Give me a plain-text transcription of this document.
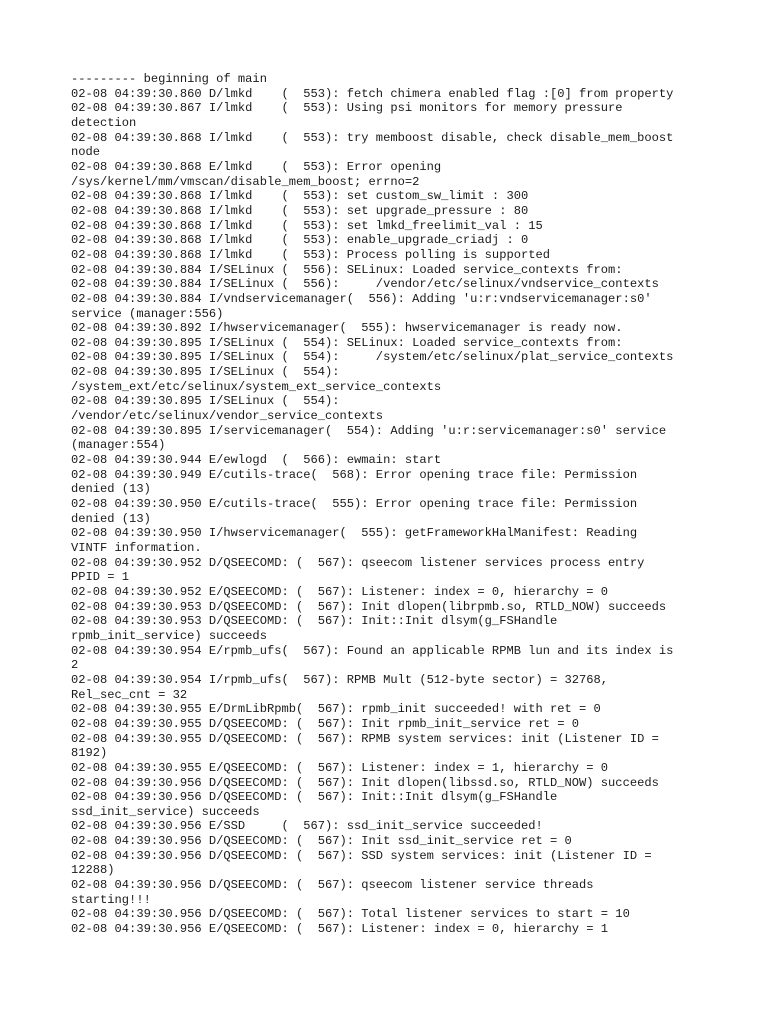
--------- beginning of main
02-08 04:39:30.860 D/lmkd    (  553): fetch chimera enabled flag :[0] from property
02-08 04:39:30.867 I/lmkd    (  553): Using psi monitors for memory pressure
detection
02-08 04:39:30.868 I/lmkd    (  553): try memboost disable, check disable_mem_boost
node
02-08 04:39:30.868 E/lmkd    (  553): Error opening
/sys/kernel/mm/vmscan/disable_mem_boost; errno=2
02-08 04:39:30.868 I/lmkd    (  553): set custom_sw_limit : 300
02-08 04:39:30.868 I/lmkd    (  553): set upgrade_pressure : 80
02-08 04:39:30.868 I/lmkd    (  553): set lmkd_freelimit_val : 15
02-08 04:39:30.868 I/lmkd    (  553): enable_upgrade_criadj : 0
02-08 04:39:30.868 I/lmkd    (  553): Process polling is supported
02-08 04:39:30.884 I/SELinux (  556): SELinux: Loaded service_contexts from:
02-08 04:39:30.884 I/SELinux (  556):     /vendor/etc/selinux/vndservice_contexts
02-08 04:39:30.884 I/vndservicemanager(  556): Adding 'u:r:vndservicemanager:s0'
service (manager:556)
02-08 04:39:30.892 I/hwservicemanager(  555): hwservicemanager is ready now.
02-08 04:39:30.895 I/SELinux (  554): SELinux: Loaded service_contexts from:
02-08 04:39:30.895 I/SELinux (  554):     /system/etc/selinux/plat_service_contexts
02-08 04:39:30.895 I/SELinux (  554):
/system_ext/etc/selinux/system_ext_service_contexts
02-08 04:39:30.895 I/SELinux (  554):
/vendor/etc/selinux/vendor_service_contexts
02-08 04:39:30.895 I/servicemanager(  554): Adding 'u:r:servicemanager:s0' service
(manager:554)
02-08 04:39:30.944 E/ewlogd  (  566): ewmain: start
02-08 04:39:30.949 E/cutils-trace(  568): Error opening trace file: Permission
denied (13)
02-08 04:39:30.950 E/cutils-trace(  555): Error opening trace file: Permission
denied (13)
02-08 04:39:30.950 I/hwservicemanager(  555): getFrameworkHalManifest: Reading
VINTF information.
02-08 04:39:30.952 D/QSEECOMD: (  567): qseecom listener services process entry
PPID = 1
02-08 04:39:30.952 E/QSEECOMD: (  567): Listener: index = 0, hierarchy = 0
02-08 04:39:30.953 D/QSEECOMD: (  567): Init dlopen(librpmb.so, RTLD_NOW) succeeds
02-08 04:39:30.953 D/QSEECOMD: (  567): Init::Init dlsym(g_FSHandle
rpmb_init_service) succeeds
02-08 04:39:30.954 E/rpmb_ufs(  567): Found an applicable RPMB lun and its index is
2
02-08 04:39:30.954 I/rpmb_ufs(  567): RPMB Mult (512-byte sector) = 32768,
Rel_sec_cnt = 32
02-08 04:39:30.955 E/DrmLibRpmb(  567): rpmb_init succeeded! with ret = 0
02-08 04:39:30.955 D/QSEECOMD: (  567): Init rpmb_init_service ret = 0
02-08 04:39:30.955 D/QSEECOMD: (  567): RPMB system services: init (Listener ID =
8192)
02-08 04:39:30.955 E/QSEECOMD: (  567): Listener: index = 1, hierarchy = 0
02-08 04:39:30.956 D/QSEECOMD: (  567): Init dlopen(libssd.so, RTLD_NOW) succeeds
02-08 04:39:30.956 D/QSEECOMD: (  567): Init::Init dlsym(g_FSHandle
ssd_init_service) succeeds
02-08 04:39:30.956 E/SSD     (  567): ssd_init_service succeeded!
02-08 04:39:30.956 D/QSEECOMD: (  567): Init ssd_init_service ret = 0
02-08 04:39:30.956 D/QSEECOMD: (  567): SSD system services: init (Listener ID =
12288)
02-08 04:39:30.956 D/QSEECOMD: (  567): qseecom listener service threads
starting!!!
02-08 04:39:30.956 D/QSEECOMD: (  567): Total listener services to start = 10
02-08 04:39:30.956 E/QSEECOMD: (  567): Listener: index = 0, hierarchy = 1
